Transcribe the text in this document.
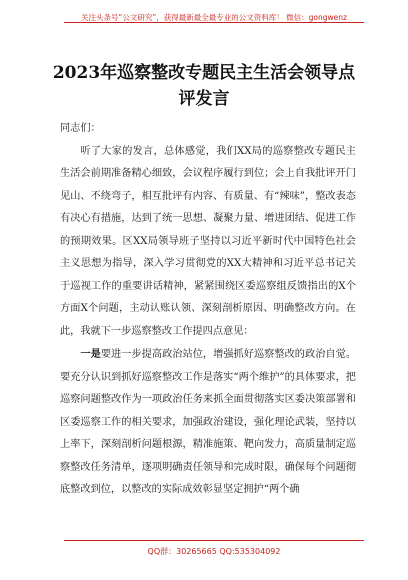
关注头条号“公文研究”，获得最新最全最专业的公文资料库！ 微信：gongwenz
2023年巡察整改专题民主生活会领导点
评发言

同志们：

听了大家的发言，总体感觉，我们XX局的巡察整改专题民主生活会前期准备精心细致，会议程序履行到位；会上自我批评开门见山、不绕弯子，相互批评有内容、有质量、有“辣味”，整改表态有决心有措施，达到了统一思想、凝聚力量、增进团结、促进工作的预期效果。区XX局领导班子坚持以习近平新时代中国特色社会主义思想为指导，深入学习贯彻党的XX大精神和习近平总书记关于巡视工作的重要讲话精神，紧紧围绕区委巡察组反馈指出的X个方面X个问题，主动认账认领、深刻剖析原因、明确整改方向。在此，我就下一步巡察整改工作提四点意见：

一是要进一步提高政治站位，增强抓好巡察整改的政治自觉。要充分认识到抓好巡察整改工作是落实“两个维护”的具体要求，把巡察问题整改作为一项政治任务来抓全面贯彻落实区委决策部署和区委巡察工作的相关要求，加强政治建设，强化理论武装，坚持以上率下，深刻剖析问题根源，精准施策、靶向发力，高质量制定巡察整改任务清单，逐项明确责任领导和完成时限，确保每个问题彻底整改到位，以整改的实际成效彰显坚定拥护“两个确

QQ群：30265665 QQ:535304092
